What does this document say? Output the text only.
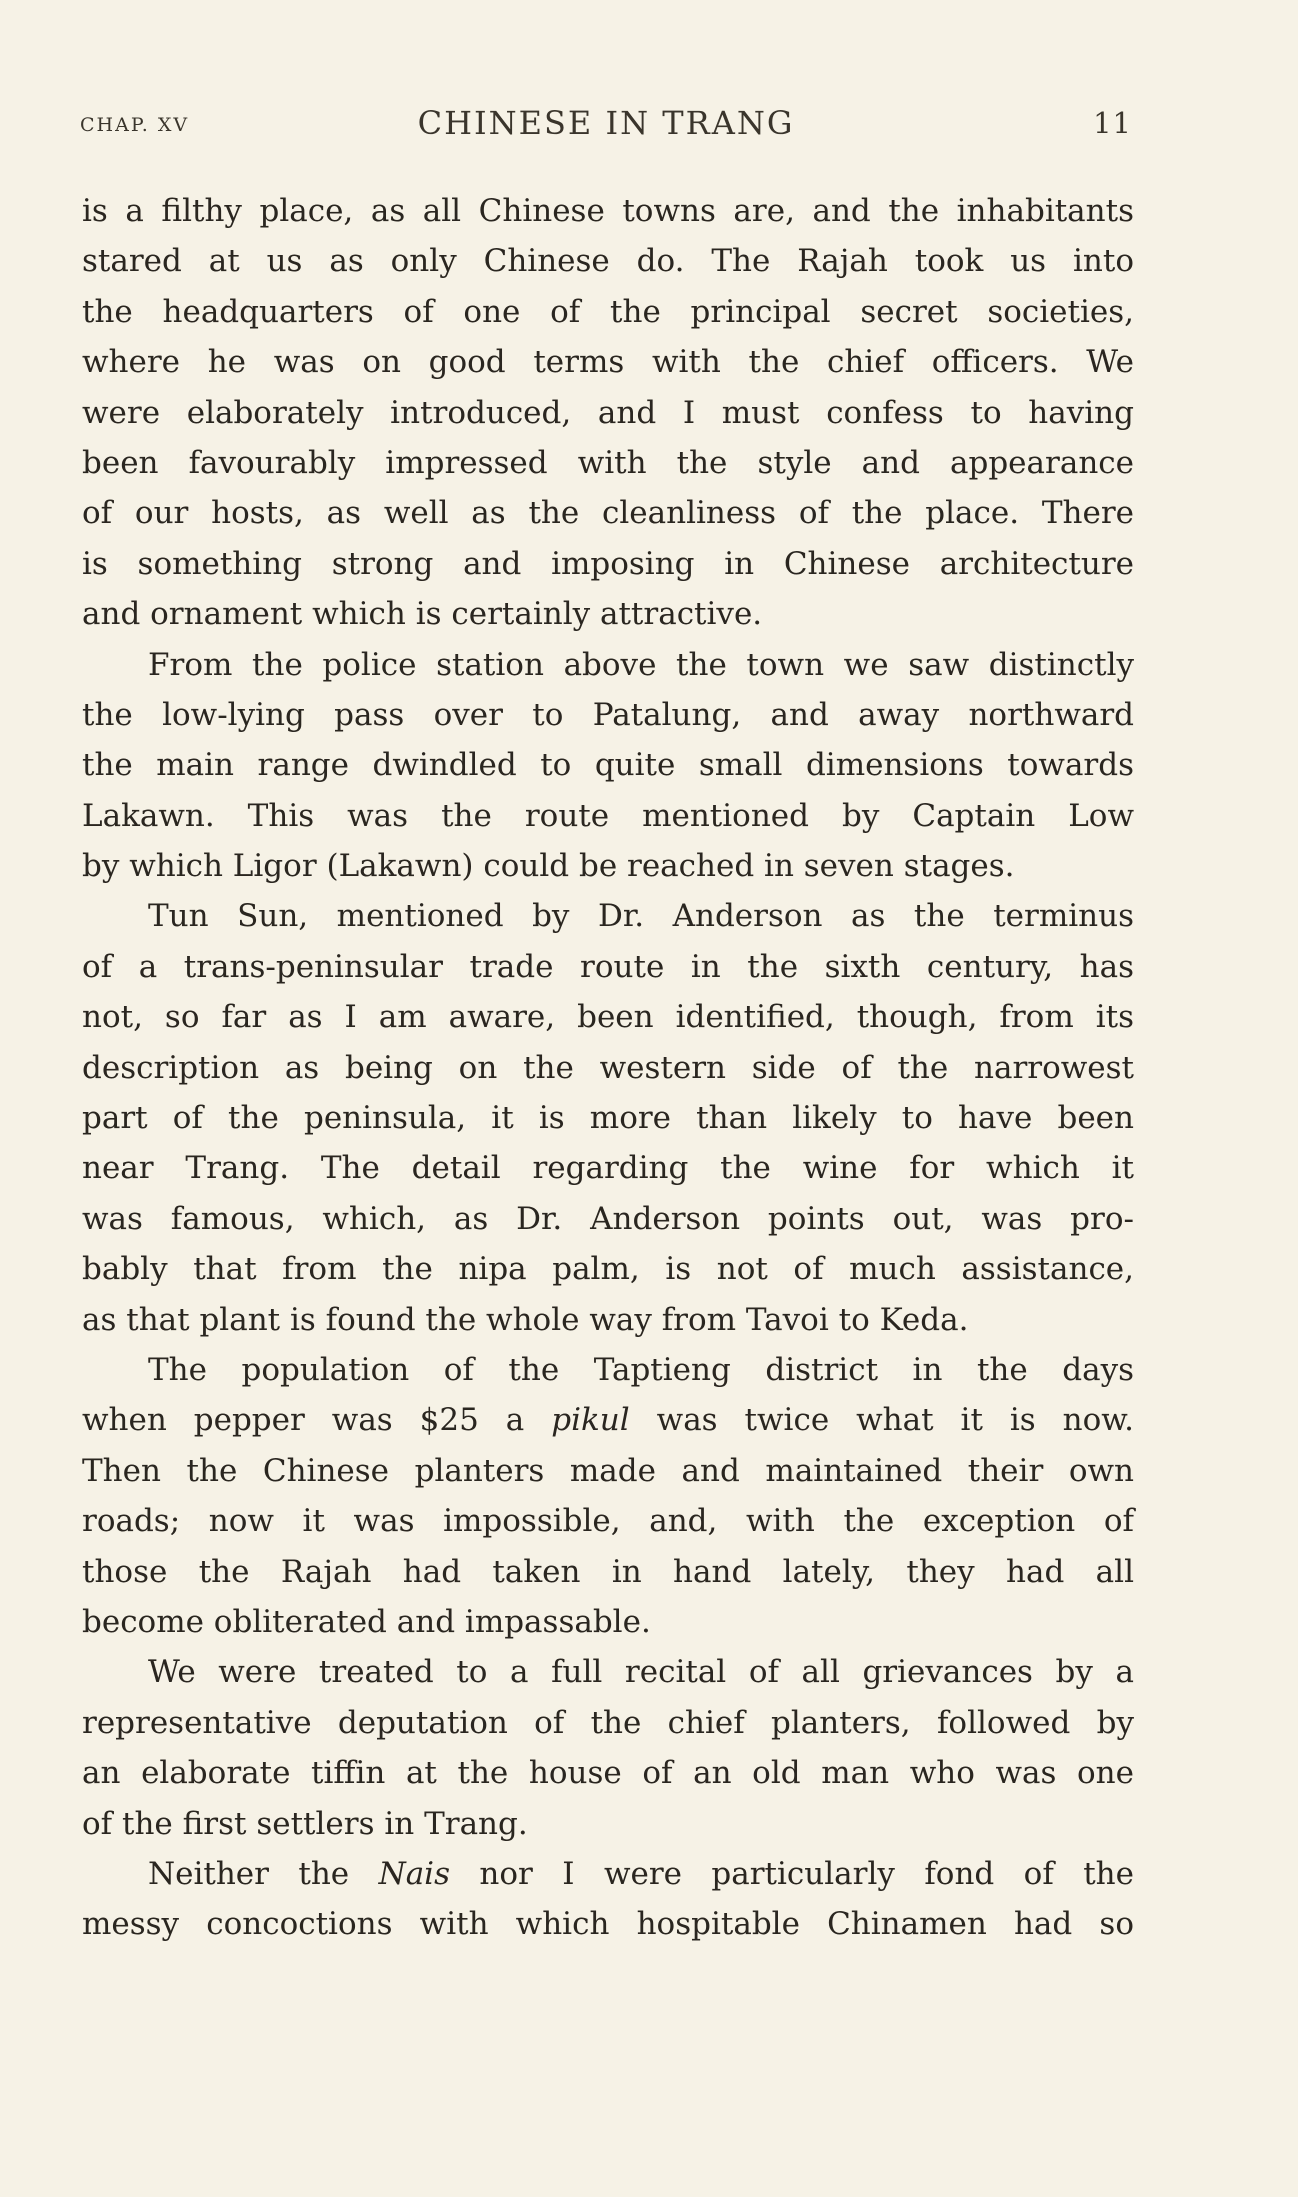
CHAP. XV	CHINESE IN TRANG	11
is a filthy place, as all Chinese towns are, and the inhabitants
stared at us as only Chinese do. The Rajah took us into
the headquarters of one of the principal secret societies,
where he was on good terms with the chief officers. We
were elaborately introduced, and I must confess to having
been favourably impressed with the style and appearance
of our hosts, as well as the cleanliness of the place. There
is something strong and imposing in Chinese architecture
and ornament which is certainly attractive.
From the police station above the town we saw distinctly
the low-lying pass over to Patalung, and away northward
the main range dwindled to quite small dimensions towards
Lakawn. This was the route mentioned by Captain Low
by which Ligor (Lakawn) could be reached in seven stages.
Tun Sun, mentioned by Dr. Anderson as the terminus
of a trans-peninsular trade route in the sixth century, has
not, so far as I am aware, been identified, though, from its
description as being on the western side of the narrowest
part of the peninsula, it is more than likely to have been
near Trang. The detail regarding the wine for which it
was famous, which, as Dr. Anderson points out, was pro-
bably that from the nipa palm, is not of much assistance,
as that plant is found the whole way from Tavoi to Keda.
The population of the Taptieng district in the days
when pepper was $25 a pikul was twice what it is now.
Then the Chinese planters made and maintained their own
roads; now it was impossible, and, with the exception of
those the Rajah had taken in hand lately, they had all
become obliterated and impassable.
We were treated to a full recital of all grievances by a
representative deputation of the chief planters, followed by
an elaborate tiffin at the house of an old man who was one
of the first settlers in Trang.
Neither the Nais nor I were particularly fond of the
messy concoctions with which hospitable Chinamen had so
